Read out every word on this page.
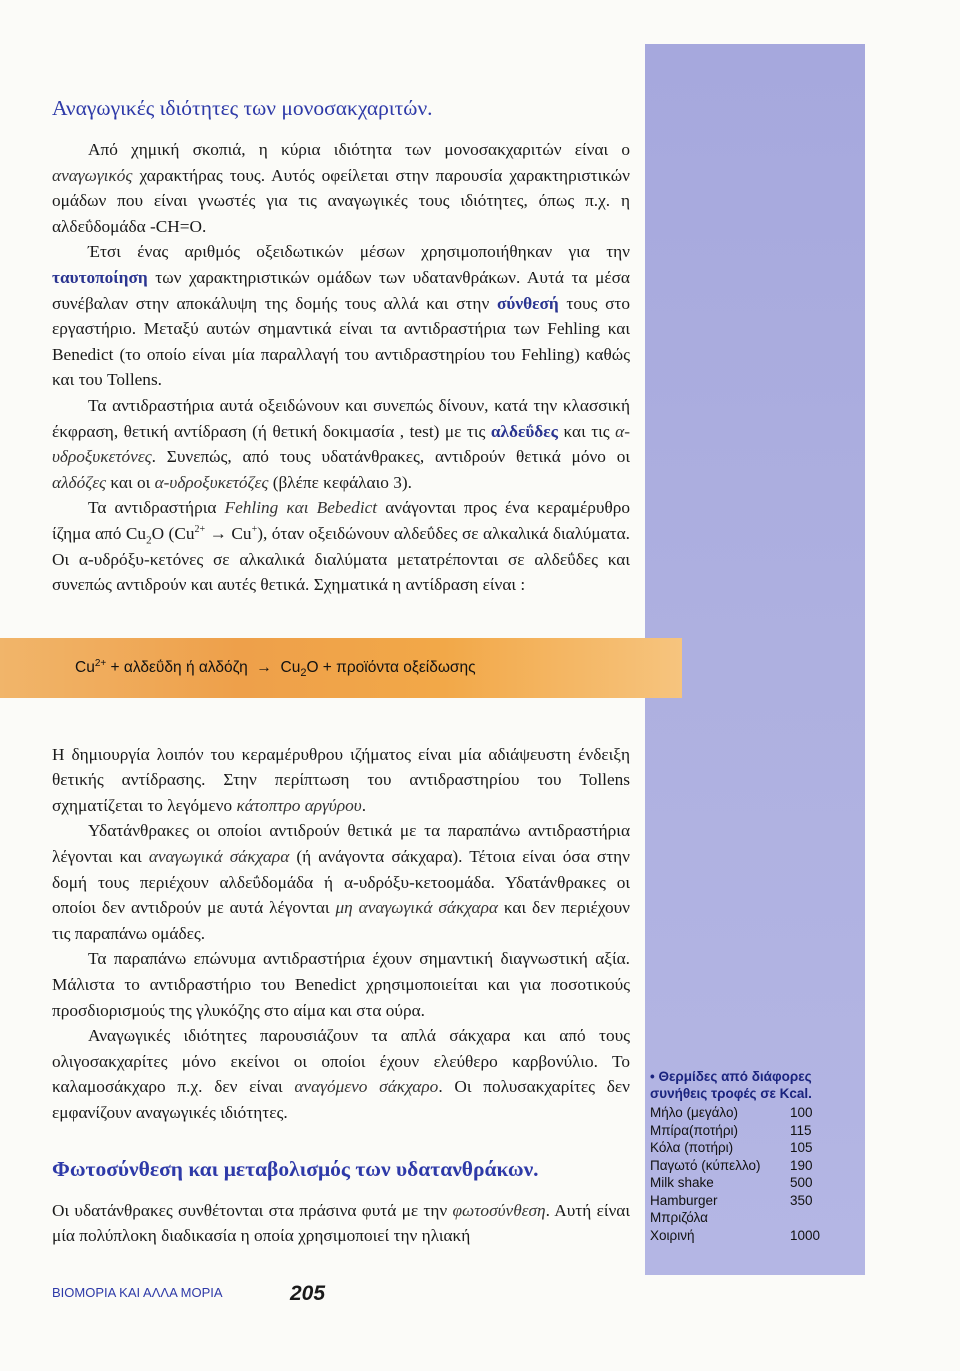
Αναγωγικές ιδιότητες των μονοσακχαριτών.

Από χημική σκοπιά, η κύρια ιδιότητα των μονοσακχαριτών είναι ο αναγωγικός χαρακτήρας τους. Αυτός οφείλεται στην παρουσία χαρακτηριστικών ομάδων που είναι γνωστές για τις αναγωγικές τους ιδιότητες, όπως π.χ. η αλδεΰδομάδα -CH=O.

Έτσι ένας αριθμός οξειδωτικών μέσων χρησιμοποιήθηκαν για την ταυτοποίηση των χαρακτηριστικών ομάδων των υδατανθράκων. Αυτά τα μέσα συνέβαλαν στην αποκάλυψη της δομής τους αλλά και στην σύνθεσή τους στο εργαστήριο. Μεταξύ αυτών σημαντικά είναι τα αντιδραστήρια των Fehling και Benedict (το οποίο είναι μία παραλλαγή του αντιδραστηρίου του Fehling) καθώς και του Tollens.

Τα αντιδραστήρια αυτά οξειδώνουν και συνεπώς δίνουν, κατά την κλασσική έκφραση, θετική αντίδραση (ή θετική δοκιμασία , test) με τις αλδεΰδες και τις α-υδροξυκετόνες. Συνεπώς, από τους υδατάνθρακες, αντιδρούν θετικά μόνο οι αλδόζες και οι α-υδροξυκετόζες (βλέπε κεφάλαιο 3).

Τα αντιδραστήρια Fehling και Bebedict ανάγονται προς ένα κεραμέρυθρο ίζημα από $Cu_2O$ $(Cu^{2+} \to Cu^+)$, όταν οξειδώνουν αλδεΰδες σε αλκαλικά διαλύματα. Οι α-υδρόξυ-κετόνες σε αλκαλικά διαλύματα μετατρέπονται σε αλδεΰδες και συνεπώς αντιδρούν και αυτές θετικά. Σχηματικά η αντίδραση είναι :

$Cu^{2+} + \alpha\lambda\delta\varepsilon ΰ\delta\eta$ ή $\alpha\lambda\delta ό\zeta\eta \to Cu_2O + \pi\rho oϊό\nu\tau\alpha$ οξείδωσης

Η δημιουργία λοιπόν του κεραμέρυθρου ιζήματος είναι μία αδιάψευστη ένδειξη θετικής αντίδρασης. Στην περίπτωση του αντιδραστηρίου του Tollens σχηματίζεται το λεγόμενο κάτοπτρο αργύρου.

Υδατάνθρακες οι οποίοι αντιδρούν θετικά με τα παραπάνω αντιδραστήρια λέγονται και αναγωγικά σάκχαρα (ή ανάγοντα σάκχαρα). Τέτοια είναι όσα στην δομή τους περιέχουν αλδεΰδομάδα ή α-υδρόξυ-κετοομάδα. Υδατάνθρακες οι οποίοι δεν αντιδρούν με αυτά λέγονται μη αναγωγικά σάκχαρα και δεν περιέχουν τις παραπάνω ομάδες.

Τα παραπάνω επώνυμα αντιδραστήρια έχουν σημαντική διαγνωστική αξία. Μάλιστα το αντιδραστήριο του Benedict χρησιμοποιείται και για ποσοτικούς προσδιορισμούς της γλυκόζης στο αίμα και στα ούρα.

Αναγωγικές ιδιότητες παρουσιάζουν τα απλά σάκχαρα και από τους ολιγοσακχαρίτες μόνο εκείνοι οι οποίοι έχουν ελεύθερο καρβονύλιο. Το καλαμοσάκχαρο π.χ. δεν είναι αναγόμενο σάκχαρο. Οι πολυσακχαρίτες δεν εμφανίζουν αναγωγικές ιδιότητες.

Φωτοσύνθεση και μεταβολισμός των υδατανθράκων.

Οι υδατάνθρακες συνθέτονται στα πράσινα φυτά με την φωτοσύνθεση. Αυτή είναι μία πολύπλοκη διαδικασία η οποία χρησιμοποιεί την ηλιακή

• Θερμίδες από διάφορες συνήθεις τροφές σε Kcal.
Μήλο (μεγάλο)	100
Μπίρα(ποτήρι)	115
Κόλα (ποτήρι)	105
Παγωτό (κύπελλο)	190
Milk shake	500
Hamburger	350
Μπριζόλα
Χοιρινή	1000
ΒΙΟΜΟΡΙΑ ΚΑΙ ΑΛΛΑ ΜΟΡΙΑ	205
